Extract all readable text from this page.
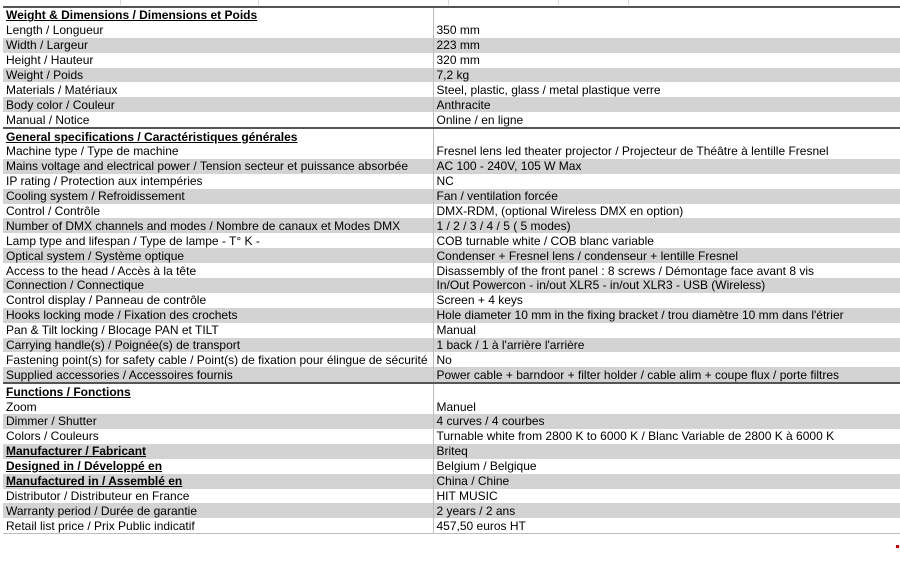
Weight & Dimensions / Dimensions et Poids	
Length / Longueur	350 mm
Width / Largeur	223 mm
Height / Hauteur	320 mm
Weight / Poids	7,2 kg
Materials / Matériaux	Steel, plastic, glass / metal plastique verre
Body color / Couleur	Anthracite
Manual / Notice	Online / en ligne
General specifications / Caractéristiques générales	
Machine type / Type de machine	Fresnel lens led theater projector / Projecteur de Théâtre à lentille Fresnel
Mains voltage and electrical power / Tension secteur et puissance absorbée	AC 100 - 240V, 105 W Max
IP rating / Protection aux intempéries	NC
Cooling system / Refroidissement	Fan / ventilation forcée
Control / Contrôle	DMX-RDM, (optional Wireless DMX en option)
Number of DMX channels and modes / Nombre de canaux et Modes DMX	1 / 2 / 3 / 4 / 5 ( 5 modes)
Lamp type and lifespan / Type de lampe - T° K -	COB turnable white / COB blanc variable
Optical system / Système optique	Condenser + Fresnel lens / condenseur + lentille Fresnel
Access to the head / Accès à la tête	Disassembly of the front panel : 8 screws / Démontage face avant 8 vis
Connection / Connectique	In/Out Powercon - in/out XLR5 - in/out XLR3 - USB (Wireless)
Control display / Panneau de contrôle	Screen + 4 keys
Hooks locking mode / Fixation des crochets	Hole diameter 10 mm in the fixing bracket / trou diamètre 10 mm dans l'étrier
Pan & Tilt locking / Blocage PAN et TILT	Manual
Carrying handle(s) / Poignée(s) de transport	1 back / 1 à l'arrière l'arrière
Fastening point(s) for safety cable / Point(s) de fixation pour élingue de sécurité	No
Supplied accessories / Accessoires fournis	Power cable + barndoor + filter holder / cable alim + coupe flux / porte filtres
Functions / Fonctions	
Zoom	Manuel
Dimmer / Shutter	4 curves / 4 courbes
Colors / Couleurs	Turnable white from 2800 K to 6000 K / Blanc Variable de 2800 K à 6000 K
Manufacturer / Fabricant	Briteq
Designed in / Développé en	Belgium / Belgique
Manufactured in / Assemblé en	China / Chine
Distributor / Distributeur en France	HIT MUSIC
Warranty period / Durée de garantie	2 years / 2 ans
Retail list price / Prix Public indicatif	457,50 euros HT
